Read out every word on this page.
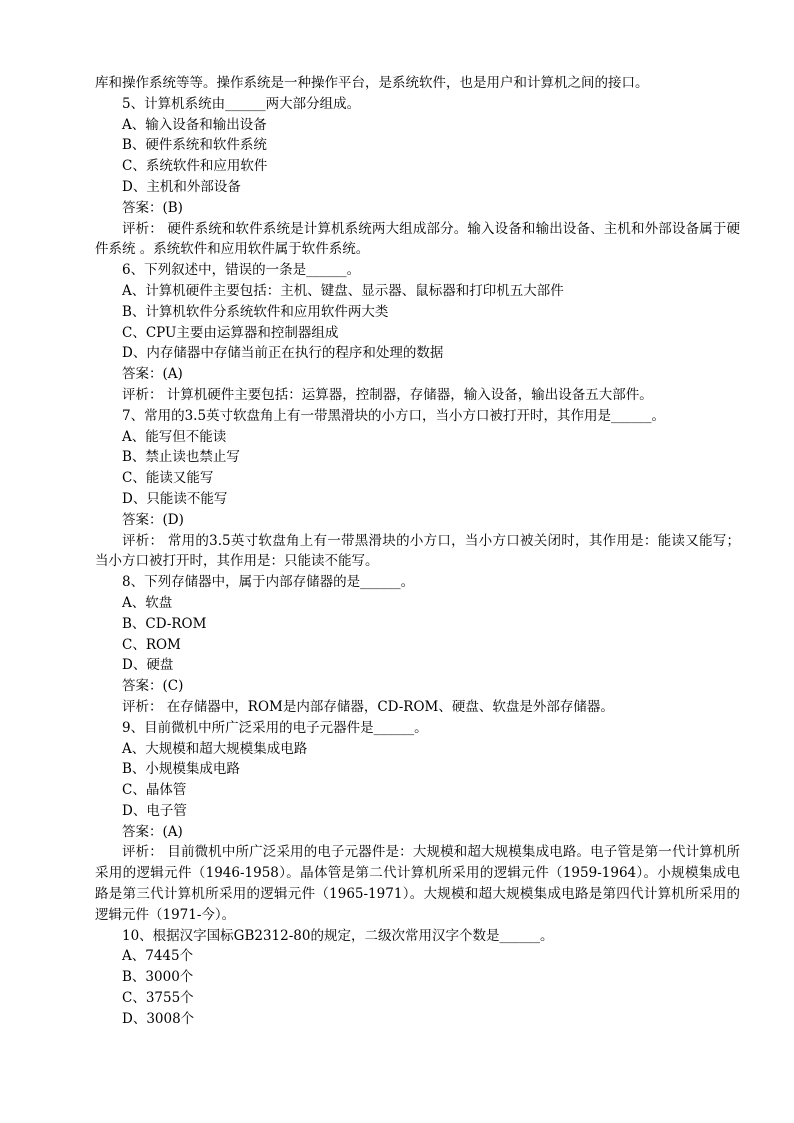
库和操作系统等等。操作系统是一种操作平台，是系统软件，也是用户和计算机之间的接口。
5、计算机系统由______两大部分组成。
A、输入设备和输出设备
B、硬件系统和软件系统
C、系统软件和应用软件
D、主机和外部设备
答案：(B)
评析： 硬件系统和软件系统是计算机系统两大组成部分。输入设备和输出设备、主机和外部设备属于硬件系统 。系统软件和应用软件属于软件系统。
6、下列叙述中，错误的一条是______。
A、计算机硬件主要包括：主机、键盘、显示器、鼠标器和打印机五大部件
B、计算机软件分系统软件和应用软件两大类
C、CPU主要由运算器和控制器组成
D、内存储器中存储当前正在执行的程序和处理的数据
答案：(A)
评析： 计算机硬件主要包括：运算器，控制器，存储器，输入设备，输出设备五大部件。
7、常用的3.5英寸软盘角上有一带黑滑块的小方口，当小方口被打开时，其作用是______。
A、能写但不能读
B、禁止读也禁止写
C、能读又能写
D、只能读不能写
答案：(D)
评析： 常用的3.5英寸软盘角上有一带黑滑块的小方口，当小方口被关闭时，其作用是：能读又能写；当小方口被打开时，其作用是：只能读不能写。
8、下列存储器中，属于内部存储器的是______。
A、软盘
B、CD-ROM
C、ROM
D、硬盘
答案：(C)
评析： 在存储器中，ROM是内部存储器，CD-ROM、硬盘、软盘是外部存储器。
9、目前微机中所广泛采用的电子元器件是______。
A、大规模和超大规模集成电路
B、小规模集成电路
C、晶体管
D、电子管
答案：(A)
评析： 目前微机中所广泛采用的电子元器件是：大规模和超大规模集成电路。电子管是第一代计算机所采用的逻辑元件（1946-1958）。晶体管是第二代计算机所采用的逻辑元件（1959-1964）。小规模集成电路是第三代计算机所采用的逻辑元件（1965-1971）。大规模和超大规模集成电路是第四代计算机所采用的逻辑元件（1971-今）。
10、根据汉字国标GB2312-80的规定，二级次常用汉字个数是______。
A、7445个
B、3000个
C、3755个
D、3008个
